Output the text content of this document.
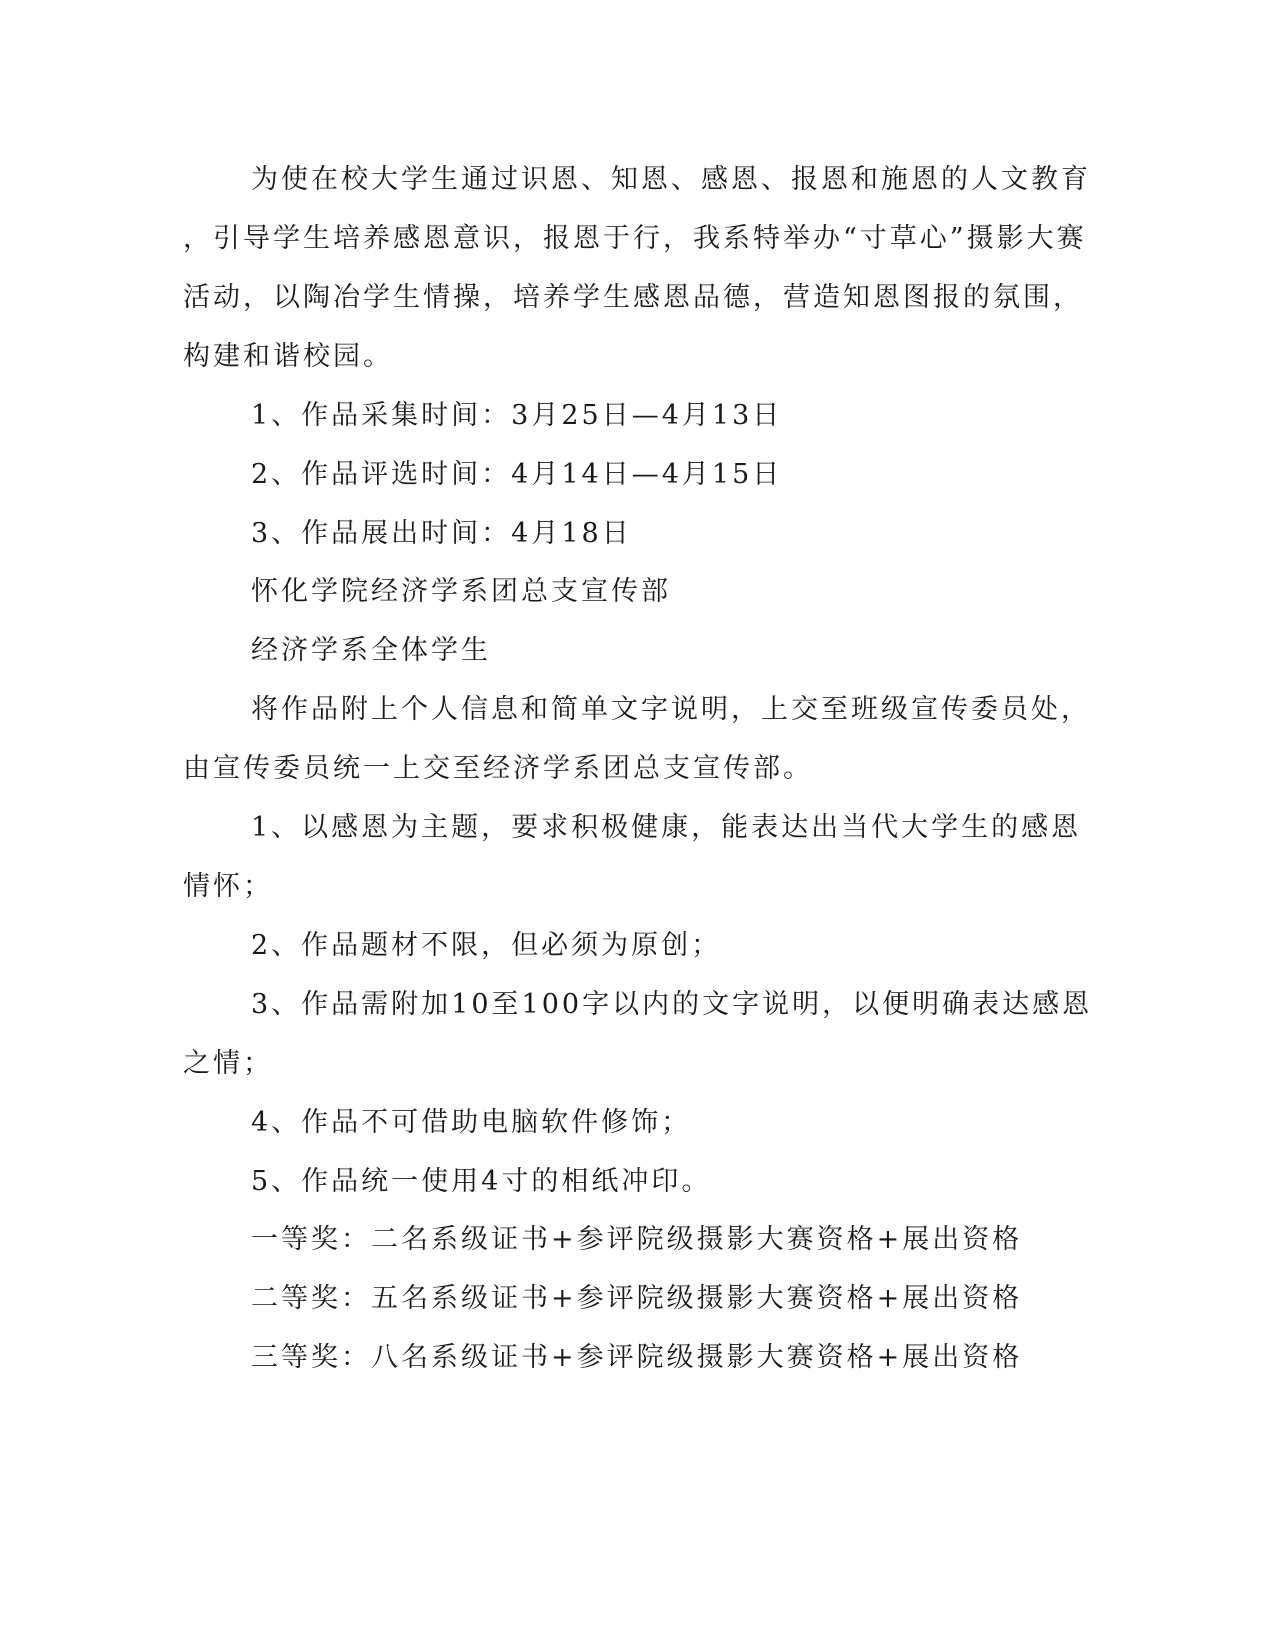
为使在校大学生通过识恩、知恩、感恩、报恩和施恩的人文教育
，引导学生培养感恩意识，报恩于行，我系特举办“寸草心”摄影大赛
活动，以陶冶学生情操，培养学生感恩品德，营造知恩图报的氛围，
构建和谐校园。
1、作品采集时间：3月25日—4月13日
2、作品评选时间：4月14日—4月15日
3、作品展出时间：4月18日
怀化学院经济学系团总支宣传部
经济学系全体学生
将作品附上个人信息和简单文字说明，上交至班级宣传委员处，
由宣传委员统一上交至经济学系团总支宣传部。
1、以感恩为主题，要求积极健康，能表达出当代大学生的感恩
情怀；
2、作品题材不限，但必须为原创；
3、作品需附加10至100字以内的文字说明，以便明确表达感恩
之情；
4、作品不可借助电脑软件修饰；
5、作品统一使用4寸的相纸冲印。
一等奖：二名系级证书+参评院级摄影大赛资格+展出资格
二等奖：五名系级证书+参评院级摄影大赛资格+展出资格
三等奖：八名系级证书+参评院级摄影大赛资格+展出资格
